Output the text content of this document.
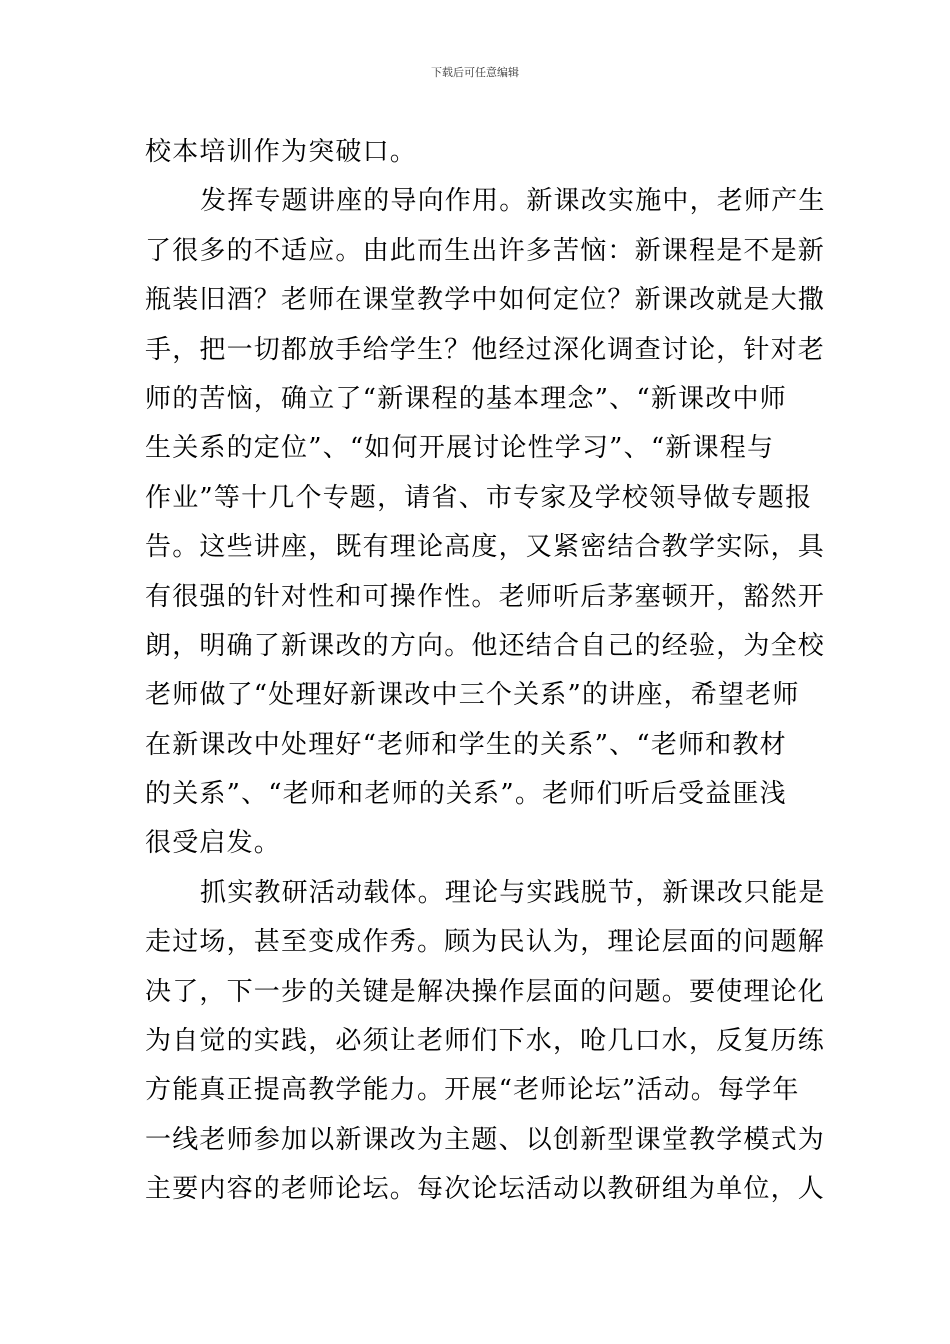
下载后可任意编辑
校本培训作为突破口。
发挥专题讲座的导向作用。新课改实施中，老师产生
了很多的不适应。由此而生出许多苦恼：新课程是不是新
瓶装旧酒？老师在课堂教学中如何定位？新课改就是大撒
手，把一切都放手给学生？他经过深化调查讨论，针对老
师的苦恼，确立了“新课程的基本理念”、“新课改中师
生关系的定位”、“如何开展讨论性学习”、“新课程与
作业”等十几个专题，请省、市专家及学校领导做专题报
告。这些讲座，既有理论高度，又紧密结合教学实际，具
有很强的针对性和可操作性。老师听后茅塞顿开，豁然开
朗，明确了新课改的方向。他还结合自己的经验，为全校
老师做了“处理好新课改中三个关系”的讲座，希望老师
在新课改中处理好“老师和学生的关系”、“老师和教材
的关系”、“老师和老师的关系”。老师们听后受益匪浅
很受启发。
抓实教研活动载体。理论与实践脱节，新课改只能是
走过场，甚至变成作秀。顾为民认为，理论层面的问题解
决了，下一步的关键是解决操作层面的问题。要使理论化
为自觉的实践，必须让老师们下水，呛几口水，反复历练
方能真正提高教学能力。开展“老师论坛”活动。每学年
一线老师参加以新课改为主题、以创新型课堂教学模式为
主要内容的老师论坛。每次论坛活动以教研组为单位，人
